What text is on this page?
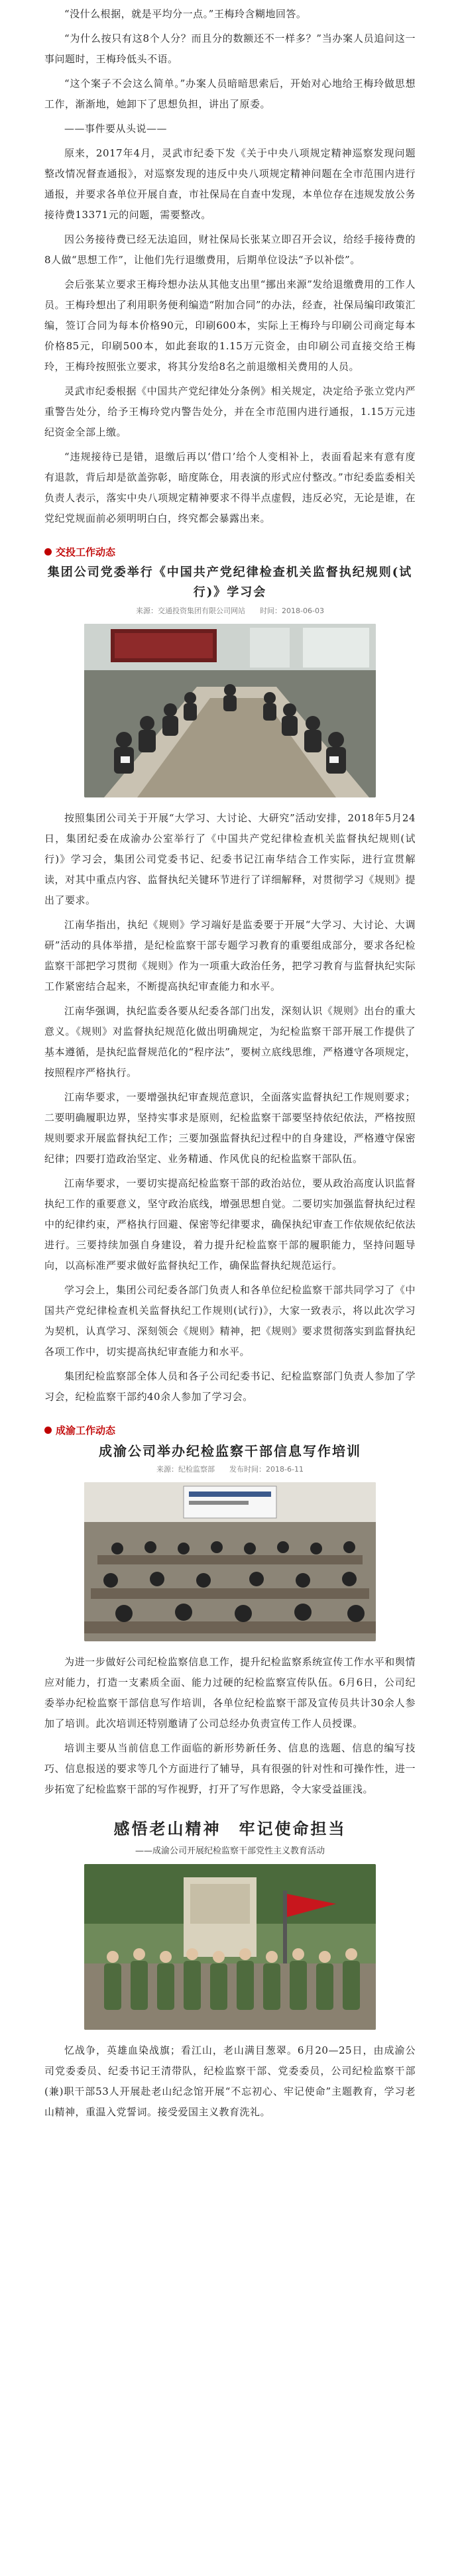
“没什么根据，就是平均分一点。”王梅玲含糊地回答。

“为什么按只有这8个人分？而且分的数额还不一样多？”当办案人员追问这一事问题时，王梅玲低头不语。

“这个案子不会这么简单。”办案人员暗暗思索后，开始对心地给王梅玲做思想工作，渐渐地，她卸下了思想负担，讲出了原委。

——事件要从头说——

原来，2017年4月，灵武市纪委下发《关于中央八项规定精神巡察发现问题整改情况督查通报》，对巡察发现的违反中央八项规定精神问题在全市范围内进行通报，并要求各单位开展自查，市社保局在自查中发现，本单位存在违规发放公务接待费13371元的问题，需要整改。

因公务接待费已经无法追回，财社保局长张某立即召开会议，给经手接待费的8人做“思想工作”，让他们先行退缴费用，后期单位设法“予以补偿”。

会后张某立要求王梅玲想办法从其他支出里“挪出来源”发给退缴费用的工作人员。王梅玲想出了利用职务便利编造“附加合同”的办法，经查，社保局编印政策汇编，签订合同为每本价格90元，印刷600本，实际上王梅玲与印刷公司商定每本价格85元，印刷500本，如此套取的1.15万元资金，由印刷公司直接交给王梅玲，王梅玲按照张立要求，将其分发给8名之前退缴相关费用的人员。

灵武市纪委根据《中国共产党纪律处分条例》相关规定，决定给予张立党内严重警告处分，给予王梅玲党内警告处分，并在全市范围内进行通报，1.15万元违纪资金全部上缴。

“违规接待已是错，退缴后再以‘借口’给个人变相补上，表面看起来有意有度有退款，背后却是欲盖弥彰，暗度陈仓，用表演的形式应付整改。”市纪委监委相关负责人表示，落实中央八项规定精神要求不得半点虚假，违反必究，无论是谁，在党纪党规面前必须明明白白，终究都会暴露出来。

交投工作动态
集团公司党委举行《中国共产党纪律检查机关监督执纪规则(试行)》学习会
来源：交通投资集团有限公司网站　　时间：2018-06-03

按照集团公司关于开展“大学习、大讨论、大研究”活动安排，2018年5月24日，集团纪委在成渝办公室举行了《中国共产党纪律检查机关监督执纪规则(试行)》学习会，集团公司党委书记、纪委书记江南华结合工作实际，进行宣贯解读，对其中重点内容、监督执纪关键环节进行了详细解释，对贯彻学习《规则》提出了要求。

江南华指出，执纪《规则》学习端好是监委要于开展“大学习、大讨论、大调研”活动的具体举措，是纪检监察干部专题学习教育的重要组成部分，要求各纪检监察干部把学习贯彻《规则》作为一项重大政治任务，把学习教育与监督执纪实际工作紧密结合起来，不断提高执纪审查能力和水平。

江南华强调，执纪监委各要从纪委各部门出发，深刻认识《规则》出台的重大意义。《规则》对监督执纪规范化做出明确规定，为纪检监察干部开展工作提供了基本遵循，是执纪监督规范化的“程序法”，要树立底线思维，严格遵守各项规定，按照程序严格执行。

江南华要求，一要增强执纪审查规范意识，全面落实监督执纪工作规则要求；二要明确履职边界，坚持实事求是原则，纪检监察干部要坚持依纪依法，严格按照规则要求开展监督执纪工作；三要加强监督执纪过程中的自身建设，严格遵守保密纪律；四要打造政治坚定、业务精通、作风优良的纪检监察干部队伍。

江南华要求，一要切实提高纪检监察干部的政治站位，要从政治高度认识监督执纪工作的重要意义，坚守政治底线，增强思想自觉。二要切实加强监督执纪过程中的纪律约束，严格执行回避、保密等纪律要求，确保执纪审查工作依规依纪依法进行。三要持续加强自身建设，着力提升纪检监察干部的履职能力，坚持问题导向，以高标准严要求做好监督执纪工作，确保监督执纪规范运行。

学习会上，集团公司纪委各部门负责人和各单位纪检监察干部共同学习了《中国共产党纪律检查机关监督执纪工作规则(试行)》，大家一致表示，将以此次学习为契机，认真学习、深刻领会《规则》精神，把《规则》要求贯彻落实到监督执纪各项工作中，切实提高执纪审查能力和水平。

集团纪检监察部全体人员和各子公司纪委书记、纪检监察部门负责人参加了学习会，纪检监察干部约40余人参加了学习会。

成渝工作动态
成渝公司举办纪检监察干部信息写作培训
来源：纪检监察部　　发布时间：2018-6-11

为进一步做好公司纪检监察信息工作，提升纪检监察系统宣传工作水平和舆情应对能力，打造一支素质全面、能力过硬的纪检监察宣传队伍。6月6日，公司纪委举办纪检监察干部信息写作培训，各单位纪检监察干部及宣传员共计30余人参加了培训。此次培训还特别邀请了公司总经办负责宣传工作人员授课。

培训主要从当前信息工作面临的新形势新任务、信息的选题、信息的编写技巧、信息报送的要求等几个方面进行了辅导，具有很强的针对性和可操作性，进一步拓宽了纪检监察干部的写作视野，打开了写作思路，令大家受益匪浅。

感悟老山精神　牢记使命担当
——成渝公司开展纪检监察干部党性主义教育活动

忆战争，英雄血染战旗；看江山，老山满目葱翠。6月20—25日，由成渝公司党委委员、纪委书记王清带队，纪检监察干部、党委委员，公司纪检监察干部(兼)职干部53人开展赴老山纪念馆开展“不忘初心、牢记使命”主题教育，学习老山精神，重温入党誓词。接受爱国主义教育洗礼。
